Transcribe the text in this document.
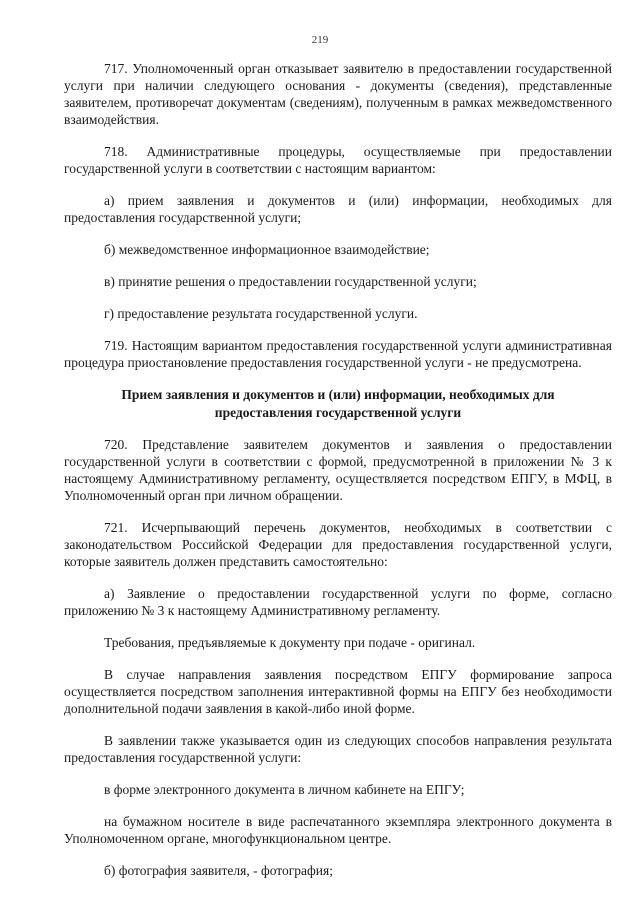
219

717. Уполномоченный орган отказывает заявителю в предоставлении государственной услуги при наличии следующего основания - документы (сведения), представленные заявителем, противоречат документам (сведениям), полученным в рамках межведомственного взаимодействия.

718. Административные процедуры, осуществляемые при предоставлении государственной услуги в соответствии с настоящим вариантом:

а) прием заявления и документов и (или) информации, необходимых для предоставления государственной услуги;

б) межведомственное информационное взаимодействие;

в) принятие решения о предоставлении государственной услуги;

г) предоставление результата государственной услуги.

719. Настоящим вариантом предоставления государственной услуги административная процедура приостановление предоставления государственной услуги - не предусмотрена.

Прием заявления и документов и (или) информации, необходимых для предоставления государственной услуги

720. Представление заявителем документов и заявления о предоставлении государственной услуги в соответствии с формой, предусмотренной в приложении № 3 к настоящему Административному регламенту, осуществляется посредством ЕПГУ, в МФЦ, в Уполномоченный орган при личном обращении.

721. Исчерпывающий перечень документов, необходимых в соответствии с законодательством Российской Федерации для предоставления государственной услуги, которые заявитель должен представить самостоятельно:

а) Заявление о предоставлении государственной услуги по форме, согласно приложению № 3 к настоящему Административному регламенту.

Требования, предъявляемые к документу при подаче - оригинал.

В случае направления заявления посредством ЕПГУ формирование запроса осуществляется посредством заполнения интерактивной формы на ЕПГУ без необходимости дополнительной подачи заявления в какой-либо иной форме.

В заявлении также указывается один из следующих способов направления результата предоставления государственной услуги:

в форме электронного документа в личном кабинете на ЕПГУ;

на бумажном носителе в виде распечатанного экземпляра электронного документа в Уполномоченном органе, многофункциональном центре.

б) фотография заявителя, - фотография;
